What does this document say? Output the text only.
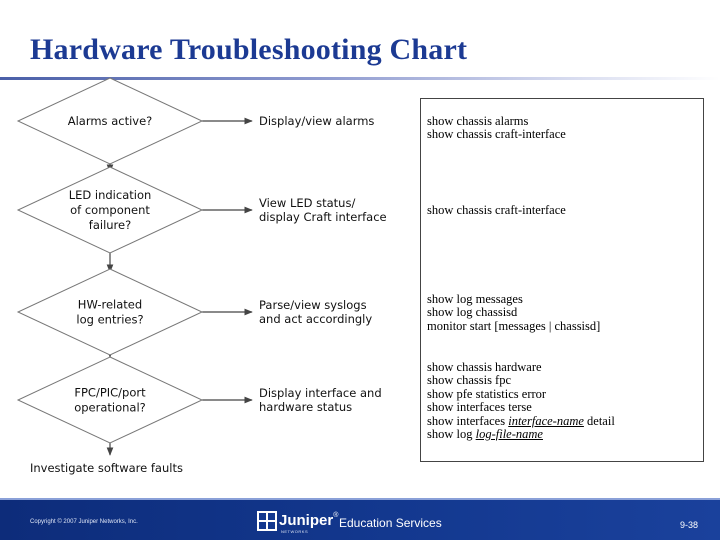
Hardware Troubleshooting Chart
Alarms active?
LED indication
of component
failure?
HW-related
log entries?
FPC/PIC/port
operational?
Investigate software faults
Display/view alarms
View LED status/
display Craft interface
Parse/view syslogs
and act accordingly
Display interface and
hardware status
show chassis alarms
show chassis craft-interface
show chassis craft-interface
show log messages
show log chassisd
monitor start [messages | chassisd]
show chassis hardware
show chassis fpc
show pfe statistics error
show interfaces terse
show interfaces interface-name detail
show log log-file-name
Copyright © 2007 Juniper Networks, Inc.	Juniper®
NETWORKS
Education Services	9-38
